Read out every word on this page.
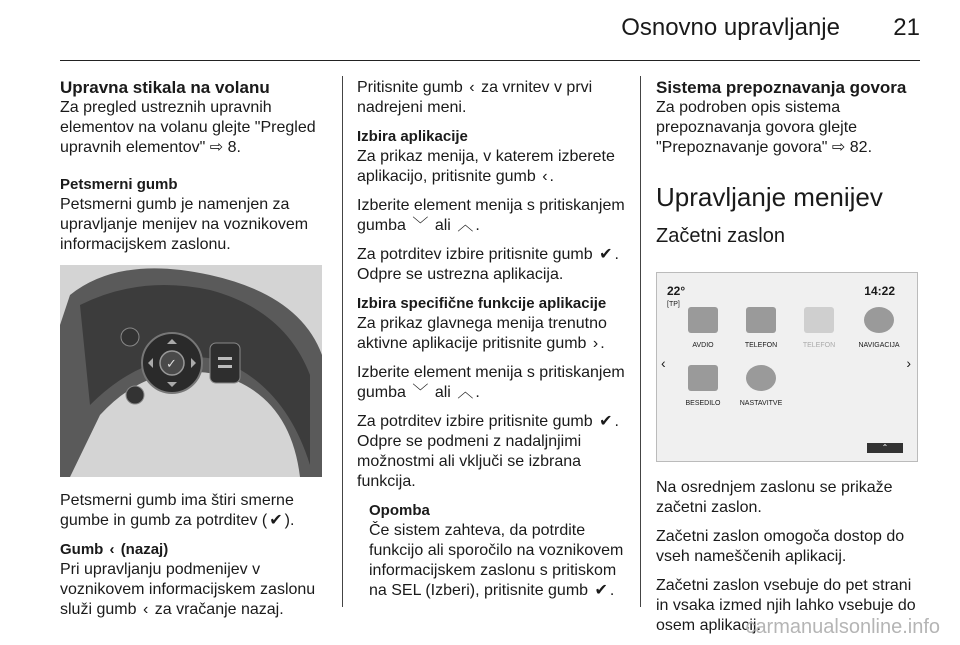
Osnovno upravljanje 21
Upravna stikala na volanu

Za pregled ustreznih upravnih elementov na volanu glejte "Pregled upravnih elementov" ⇨ 8.

Petsmerni gumb

Petsmerni gumb je namenjen za upravljanje menijev na voznikovem informacijskem zaslonu.

✓

Petsmerni gumb ima štiri smerne gumbe in gumb za potrditev ( ✔ ).

Gumb ‹ (nazaj)

Pri upravljanju podmenijev v voznikovem informacijskem zaslonu služi gumb ‹ za vračanje nazaj.

Pritisnite gumb ‹ za vrnitev v prvi nadrejeni meni.

Izbira aplikacije

Za prikaz menija, v katerem izberete aplikacijo, pritisnite gumb ‹ .

Izberite element menija s pritiskanjem gumba ﹀ ali ︿ .

Za potrditev izbire pritisnite gumb ✔ . Odpre se ustrezna aplikacija.

Izbira specifične funkcije aplikacije

Za prikaz glavnega menija trenutno aktivne aplikacije pritisnite gumb › .

Izberite element menija s pritiskanjem gumba ﹀ ali ︿ .

Za potrditev izbire pritisnite gumb ✔ . Odpre se podmeni z nadaljnjimi možnostmi ali vključi se izbrana funkcija.

Opomba

Če sistem zahteva, da potrdite funkcijo ali sporočilo na voznikovem informacijskem zaslonu s pritiskom na SEL (Izberi), pritisnite gumb ✔ .

Sistema prepoznavanja govora

Za podroben opis sistema prepoznavanja govora glejte "Prepoznavanje govora" ⇨ 82.

Upravljanje menijev
Začetni zaslon
22°
[TP]
14:22
‹	›
AVDIO	TELEFON	TELEFON	NAVIGACIJA
BESEDILO	NASTAVITVE
⌃

Na osrednjem zaslonu se prikaže začetni zaslon.

Začetni zaslon omogoča dostop do vseh nameščenih aplikacij.

Začetni zaslon vsebuje do pet strani in vsaka izmed njih lahko vsebuje do osem aplikacij.

carmanualsonline.info
